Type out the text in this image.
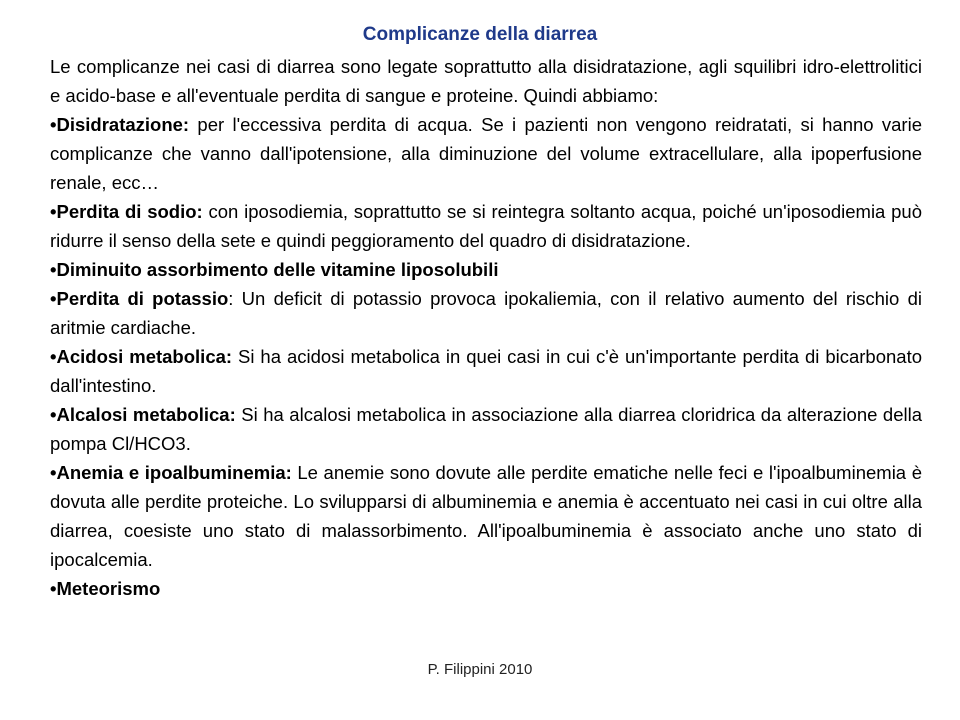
Complicanze della diarrea

Le complicanze nei casi di diarrea sono legate soprattutto alla disidratazione, agli squilibri idro-elettrolitici e acido-base e all'eventuale perdita di sangue e proteine. Quindi abbiamo:

•Disidratazione: per l'eccessiva perdita di acqua. Se i pazienti non vengono reidratati, si hanno varie complicanze che vanno dall'ipotensione, alla diminuzione del volume extracellulare, alla ipoperfusione renale, ecc…

•Perdita di sodio: con iposodiemia, soprattutto se si reintegra soltanto acqua, poiché un'iposodiemia può ridurre il senso della sete e quindi peggioramento del quadro di disidratazione.

•Diminuito assorbimento delle vitamine liposolubili

•Perdita di potassio: Un deficit di potassio provoca ipokaliemia, con il relativo aumento del rischio di aritmie cardiache.

•Acidosi metabolica: Si ha acidosi metabolica in quei casi in cui c'è un'importante perdita di bicarbonato dall'intestino.

•Alcalosi metabolica: Si ha alcalosi metabolica in associazione alla diarrea cloridrica da alterazione della pompa Cl/HCO3.

•Anemia e ipoalbuminemia: Le anemie sono dovute alle perdite ematiche nelle feci e l'ipoalbuminemia è dovuta alle perdite proteiche. Lo svilupparsi di albuminemia e anemia è accentuato nei casi in cui oltre alla diarrea, coesiste uno stato di malassorbimento. All'ipoalbuminemia è associato anche uno stato di ipocalcemia.

•Meteorismo

P. Filippini 2010
